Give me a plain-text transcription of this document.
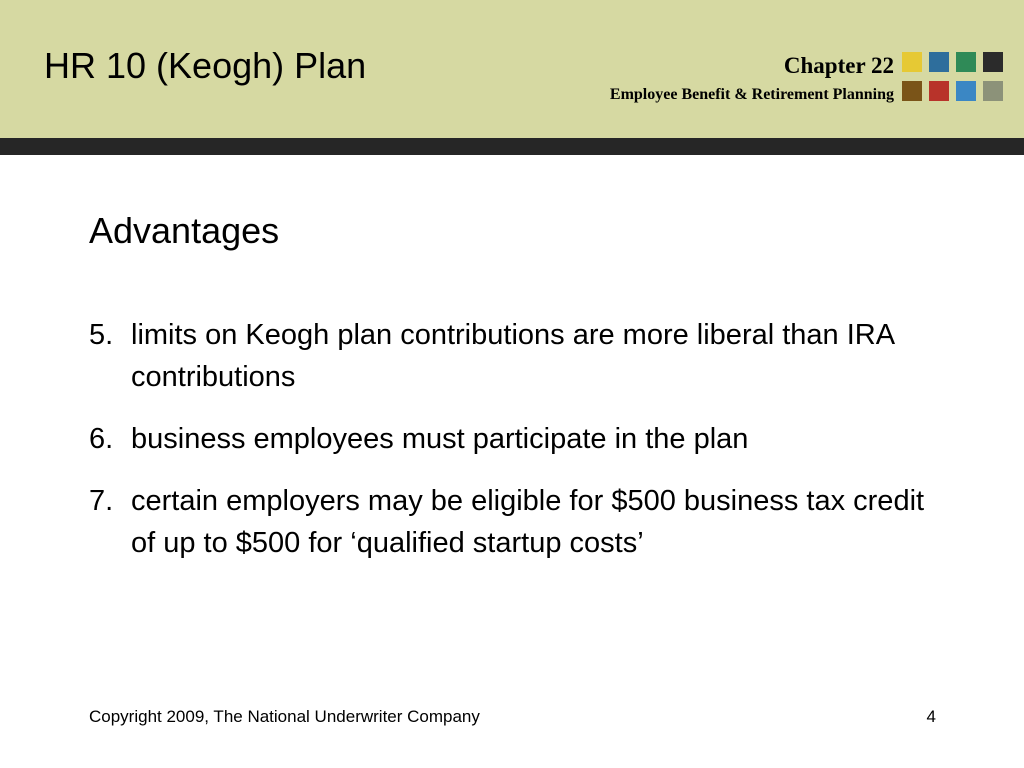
HR 10 (Keogh) Plan	Chapter 22
Employee Benefit & Retirement Planning
Advantages
5. limits on Keogh plan contributions are more liberal than IRA contributions
6. business employees must participate in the plan
7. certain employers may be eligible for $500 business tax credit of up to $500 for ‘qualified startup costs’
Copyright 2009, The National Underwriter Company	4
